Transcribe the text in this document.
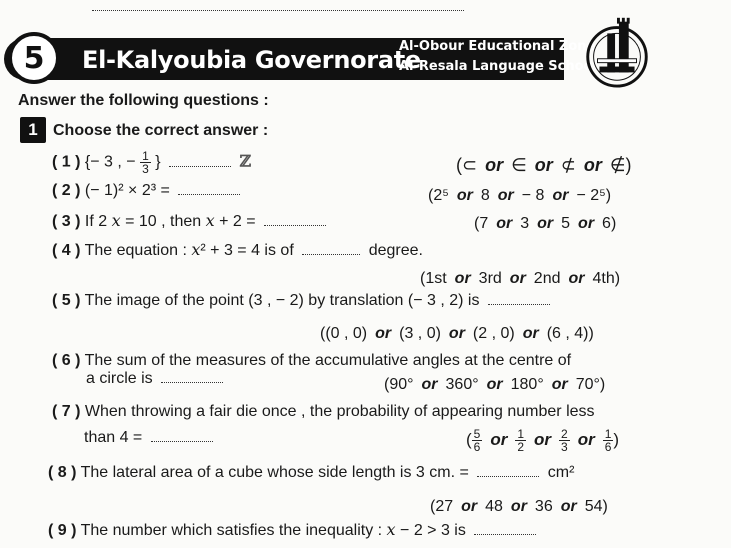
5	El-Kalyoubia Governorate
Al-Obour Educational Zone
Al-Resala Language School
Answer the following questions :
1 Choose the correct answer :
( 1 ) {− 3 , − $\frac{1}{3}$ }	ℤ	(⊂ or ∈ or ⊄ or ∉)
( 2 ) (− 1)² × 2³ =	(2⁵ or 8 or − 8 or − 2⁵)
( 3 ) If 2 x = 10 , then x + 2 =	(7 or 3 or 5 or 6)
( 4 ) The equation : x² + 3 = 4 is of	degree.
(1st or 3rd or 2nd or 4th)
( 5 ) The image of the point (3 , − 2) by translation (− 3 , 2) is
((0 , 0) or (3 , 0) or (2 , 0) or (6 , 4))
( 6 ) The sum of the measures of the accumulative angles at the centre of
a circle is	(90° or 360° or 180° or 70°)
( 7 ) When throwing a fair die once , the probability of appearing number less
than 4 =	( $\frac{5}{6}$ or $\frac{1}{2}$ or $\frac{2}{3}$ or $\frac{1}{6}$ )
( 8 ) The lateral area of a cube whose side length is 3 cm. =	cm²
(27 or 48 or 36 or 54)
( 9 ) The number which satisfies the inequality : x − 2 > 3 is
